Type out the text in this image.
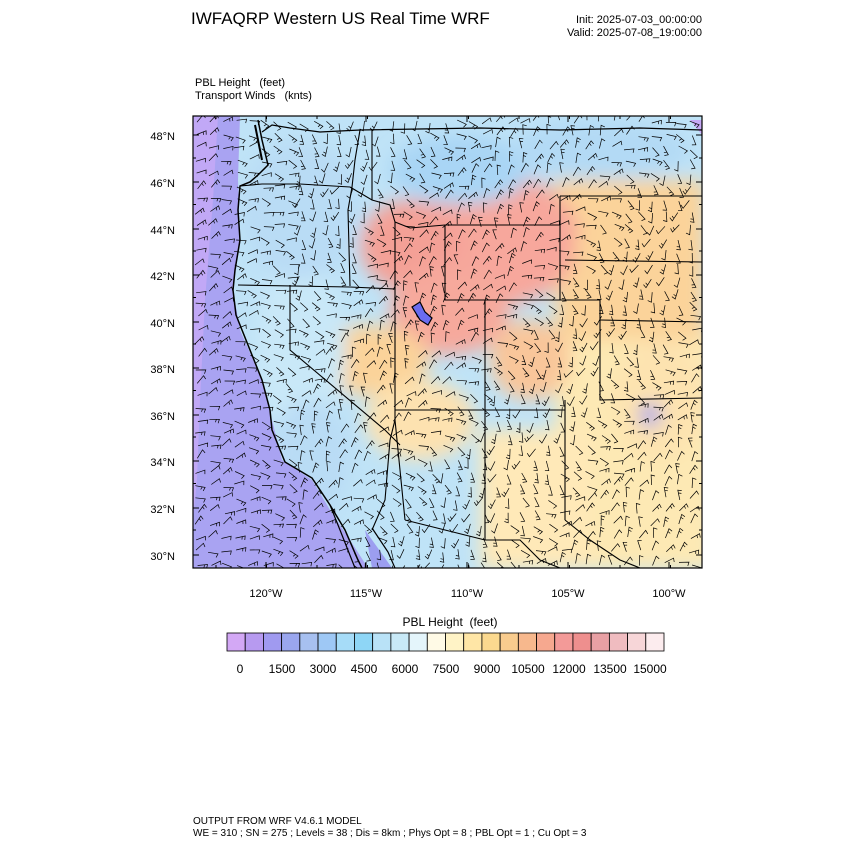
IWFAQRP Western US Real Time WRF	Init: 2025-07-03_00:00:00
Valid: 2025-07-08_19:00:00
PBL Height   (feet)
Transport Winds   (knts)
48°N
46°N
44°N
42°N
40°N
38°N
36°N
34°N
32°N
30°N
120°W	115°W	110°W	105°W	100°W
0 1500 3000 4500 6000 7500 9000 10500 12000 13500 15000
PBL Height  (feet)
OUTPUT FROM WRF V4.6.1 MODEL
WE = 310 ; SN = 275 ; Levels = 38 ; Dis = 8km ; Phys Opt = 8 ; PBL Opt = 1 ; Cu Opt = 3
